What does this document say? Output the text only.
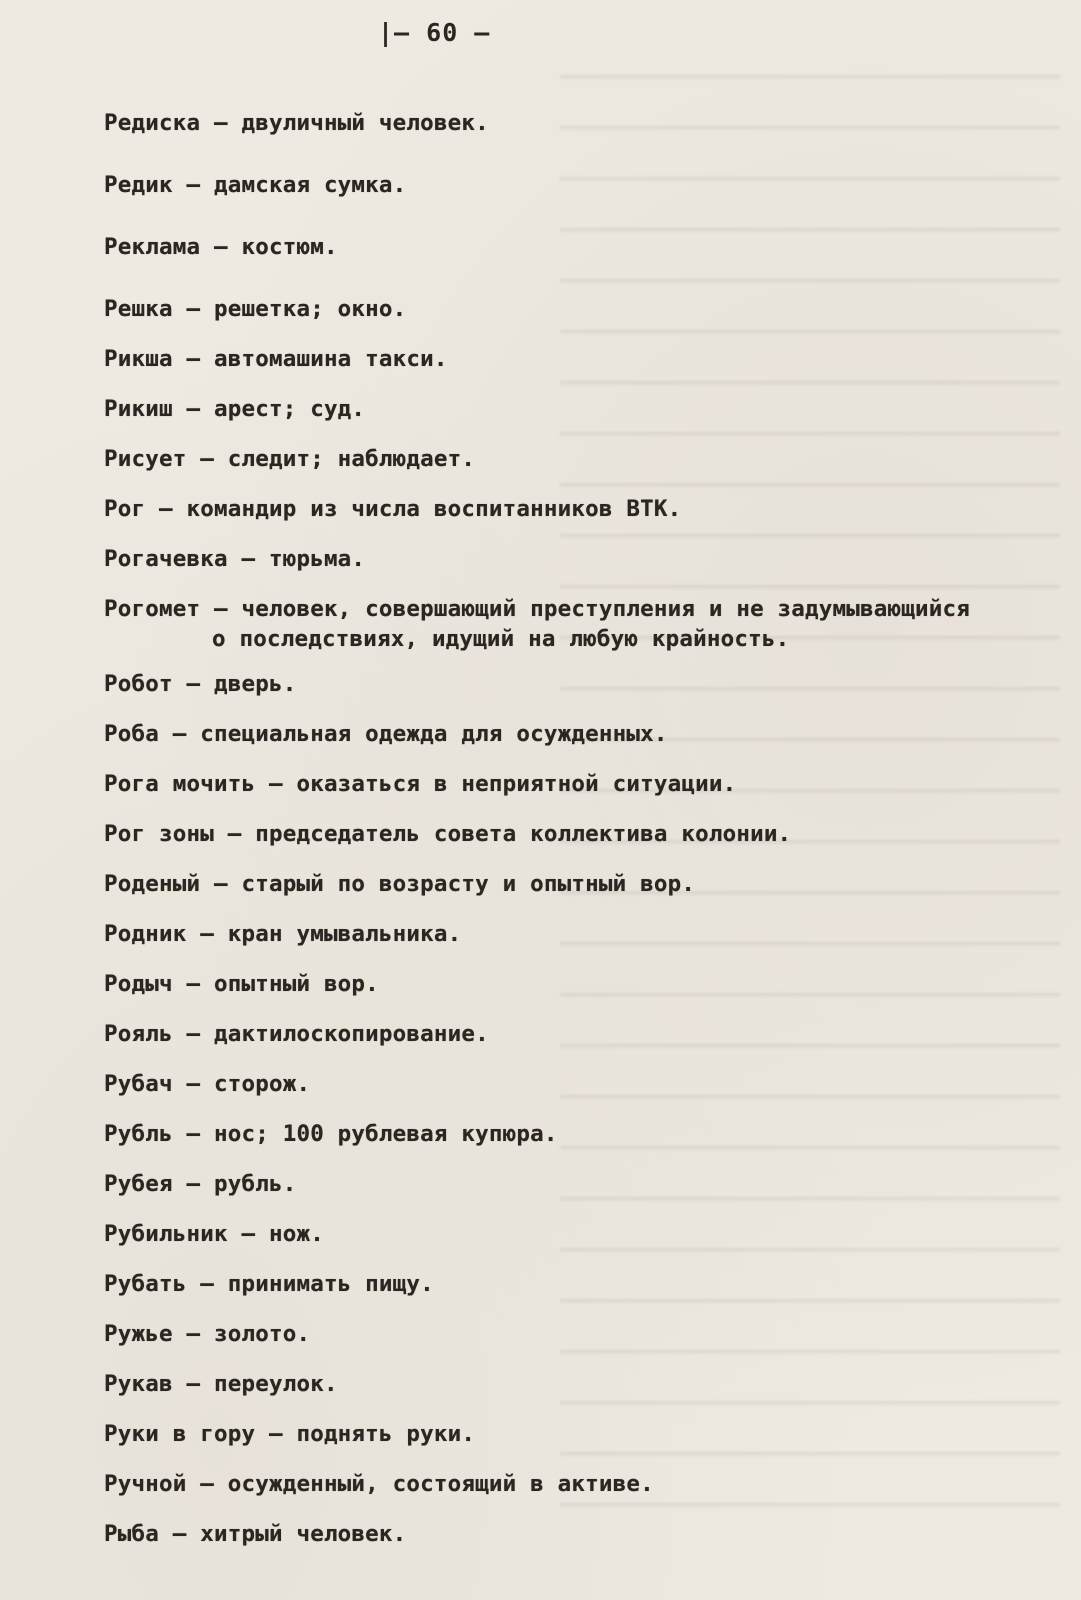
|– 60 –
Редиска – двуличный человек.
Редик – дамская сумка.
Реклама – костюм.
Решка – решетка; окно.
Рикша – автомашина такси.
Рикиш – арест; суд.
Рисует – следит; наблюдает.
Рог – командир из числа воспитанников ВТК.
Рогачевка – тюрьма.
Рогомет – человек, совершающий преступления и не задумывающийся
о последствиях, идущий на любую крайность.
Робот – дверь.
Роба – специальная одежда для осужденных.
Рога мочить – оказаться в неприятной ситуации.
Рог зоны – председатель совета коллектива колонии.
Роденый – старый по возрасту и опытный вор.
Родник – кран умывальника.
Родыч – опытный вор.
Рояль – дактилоскопирование.
Рубач – сторож.
Рубль – нос; 100 рублевая купюра.
Рубея – рубль.
Рубильник – нож.
Рубать – принимать пищу.
Ружье – золото.
Рукав – переулок.
Руки в гору – поднять руки.
Ручной – осужденный, состоящий в активе.
Рыба – хитрый человек.
